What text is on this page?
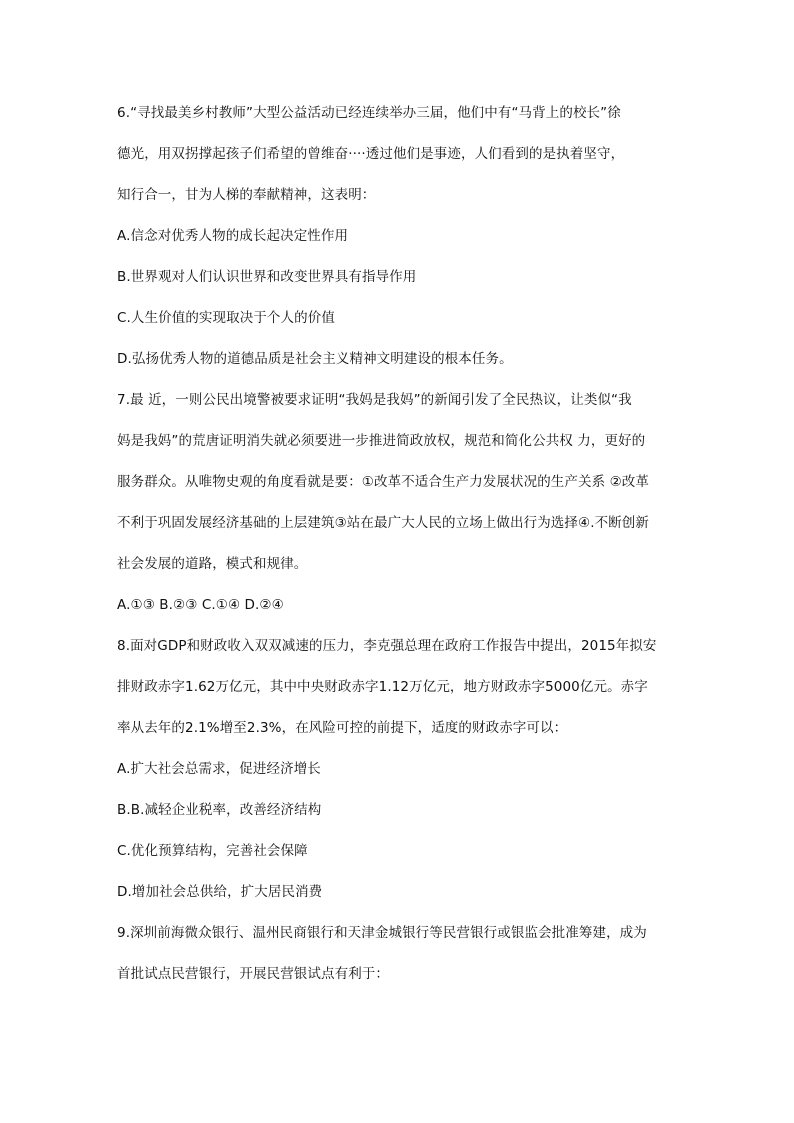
6.“寻找最美乡村教师”大型公益活动已经连续举办三届，他们中有“马背上的校长”徐
德光，用双拐撑起孩子们希望的曾维奋····透过他们是事迹，人们看到的是执着坚守，
知行合一，甘为人梯的奉献精神，这表明：
A.信念对优秀人物的成长起决定性作用
B.世界观对人们认识世界和改变世界具有指导作用
C.人生价值的实现取决于个人的价值
D.弘扬优秀人物的道德品质是社会主义精神文明建设的根本任务。
7.最 近，一则公民出境警被要求证明“我妈是我妈”的新闻引发了全民热议，让类似“我
妈是我妈”的荒唐证明消失就必须要进一步推进简政放权，规范和简化公共权 力，更好的
服务群众。从唯物史观的角度看就是要：①改革不适合生产力发展状况的生产关系 ②改革
不利于巩固发展经济基础的上层建筑③站在最广大人民的立场上做出行为选择④.不断创新
社会发展的道路，模式和规律。
A.①③ B.②③ C.①④ D.②④
8.面对GDP和财政收入双双减速的压力，李克强总理在政府工作报告中提出，2015年拟安
排财政赤字1.62万亿元，其中中央财政赤字1.12万亿元，地方财政赤字5000亿元。赤字
率从去年的2.1%增至2.3%，在风险可控的前提下，适度的财政赤字可以：
A.扩大社会总需求，促进经济增长
B.B.减轻企业税率，改善经济结构
C.优化预算结构，完善社会保障
D.增加社会总供给，扩大居民消费
9.深圳前海微众银行、温州民商银行和天津金城银行等民营银行或银监会批准筹建，成为
首批试点民营银行，开展民营银试点有利于：
